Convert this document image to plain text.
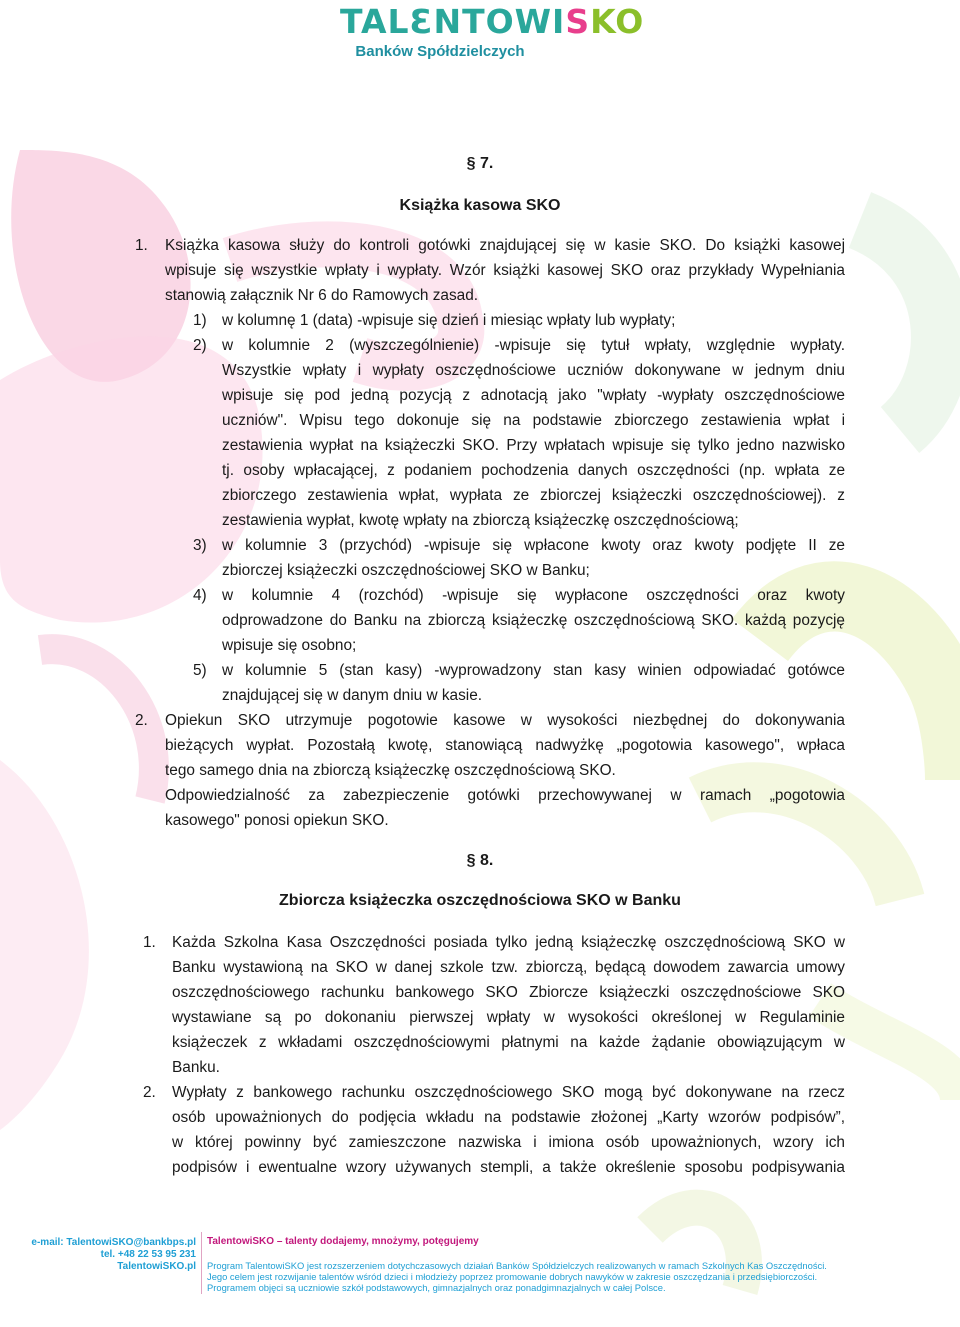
TALƐNTOWISKO
Banków Spółdzielczych
§ 7.
Książka kasowa SKO
1. Książka kasowa służy do kontroli gotówki znajdującej się w kasie SKO. Do książki kasowej
wpisuje się wszystkie wpłaty i wypłaty. Wzór książki kasowej SKO oraz przykłady Wypełniania
stanowią załącznik Nr 6 do Ramowych zasad.
1) w kolumnę 1 (data) -wpisuje się dzień i miesiąc wpłaty lub wypłaty;
2) w kolumnie 2 (wyszczególnienie) -wpisuje się tytuł wpłaty, względnie wypłaty.
Wszystkie wpłaty i wypłaty oszczędnościowe uczniów dokonywane w jednym dniu
wpisuje się pod jedną pozycją z adnotacją jako "wpłaty -wypłaty oszczędnościowe
uczniów". Wpisu tego dokonuje się na podstawie zbiorczego zestawienia wpłat i
zestawienia wypłat na książeczki SKO. Przy wpłatach wpisuje się tylko jedno nazwisko
tj. osoby wpłacającej, z podaniem pochodzenia danych oszczędności (np. wpłata ze
zbiorczego zestawienia wpłat, wypłata ze zbiorczej książeczki oszczędnościowej). z
zestawienia wypłat, kwotę wpłaty na zbiorczą książeczkę oszczędnościową;
3) w kolumnie 3 (przychód) -wpisuje się wpłacone kwoty oraz kwoty podjęte II ze
zbiorczej książeczki oszczędnościowej SKO w Banku;
4) w kolumnie 4 (rozchód) -wpisuje się wypłacone oszczędności oraz kwoty
odprowadzone do Banku na zbiorczą książeczkę oszczędnościową SKO. każdą pozycję
wpisuje się osobno;
5) w kolumnie 5 (stan kasy) -wyprowadzony stan kasy winien odpowiadać gotówce
znajdującej się w danym dniu w kasie.
2. Opiekun SKO utrzymuje pogotowie kasowe w wysokości niezbędnej do dokonywania
bieżących wypłat. Pozostałą kwotę, stanowiącą nadwyżkę „pogotowia kasowego", wpłaca
tego samego dnia na zbiorczą książeczkę oszczędnościową SKO.
Odpowiedzialność za zabezpieczenie gotówki przechowywanej w ramach „pogotowia
kasowego" ponosi opiekun SKO.
§ 8.
Zbiorcza książeczka oszczędnościowa SKO w Banku
1. Każda Szkolna Kasa Oszczędności posiada tylko jedną książeczkę oszczędnościową SKO w
Banku wystawioną na SKO w danej szkole tzw. zbiorczą, będącą dowodem zawarcia umowy
oszczędnościowego rachunku bankowego SKO Zbiorcze książeczki oszczędnościowe SKO
wystawiane są po dokonaniu pierwszej wpłaty w wysokości określonej w Regulaminie
książeczek z wkładami oszczędnościowymi płatnymi na każde żądanie obowiązującym w
Banku.
2. Wypłaty z bankowego rachunku oszczędnościowego SKO mogą być dokonywane na rzecz
osób upoważnionych do podjęcia wkładu na podstawie złożonej „Karty wzorów podpisów”,
w której powinny być zamieszczone nazwiska i imiona osób upoważnionych, wzory ich
podpisów i ewentualne wzory używanych stempli, a także określenie sposobu podpisywania
e-mail: TalentowiSKO@bankbps.pl
tel. +48 22 53 95 231
TalentowiSKO.pl
TalentowiSKO – talenty dodajemy, mnożymy, potęgujemy
Program TalentowiSKO jest rozszerzeniem dotychczasowych działań Banków Spółdzielczych realizowanych w ramach Szkolnych Kas Oszczędności.
Jego celem jest rozwijanie talentów wśród dzieci i młodzieży poprzez promowanie dobrych nawyków w zakresie oszczędzania i przedsiębiorczości.
Programem objęci są uczniowie szkół podstawowych, gimnazjalnych oraz ponadgimnazjalnych w całej Polsce.
